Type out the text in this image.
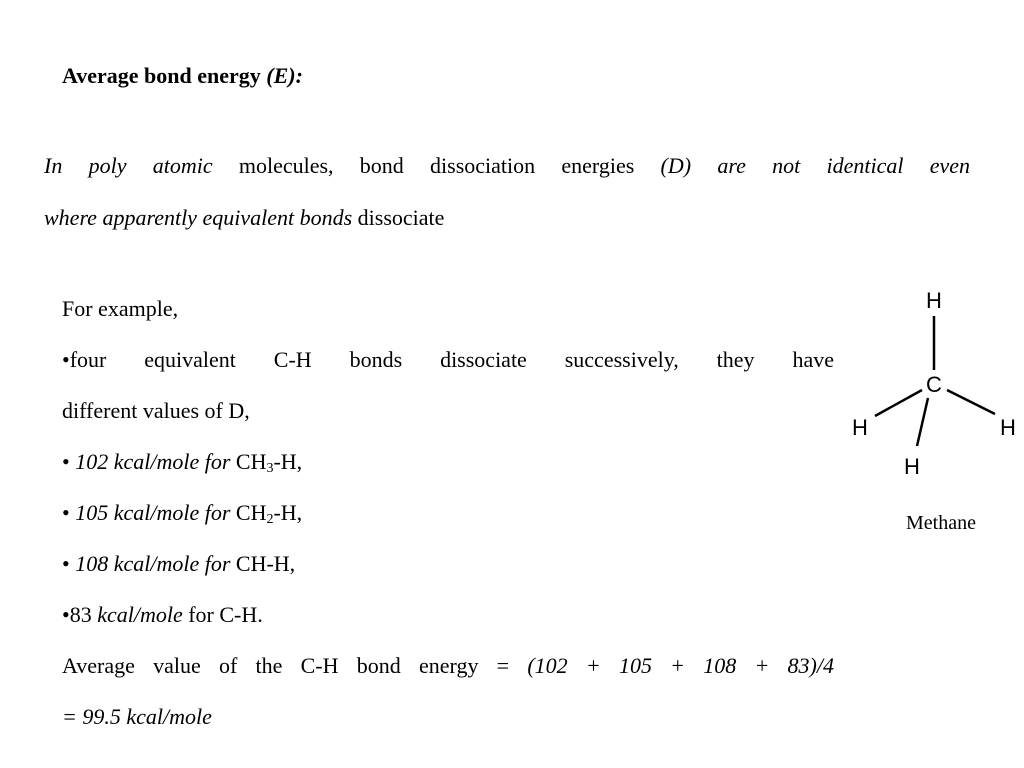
Average bond energy (E):
In poly atomic molecules, bond dissociation energies (D) are not identical even
where apparently equivalent bonds dissociate
For example,
•four equivalent C-H bonds dissociate successively, they have
different values of D,
• 102 kcal/mole for $CH_3-H$,
• 105 kcal/mole for $CH_2-H$,
• 108 kcal/mole for CH-H,
•83 kcal/mole for C-H.
Average value of the C-H bond energy = (102 + 105 + 108 + 83)/4
= 99.5 kcal/mole
H
C
H	H
H
Methane
